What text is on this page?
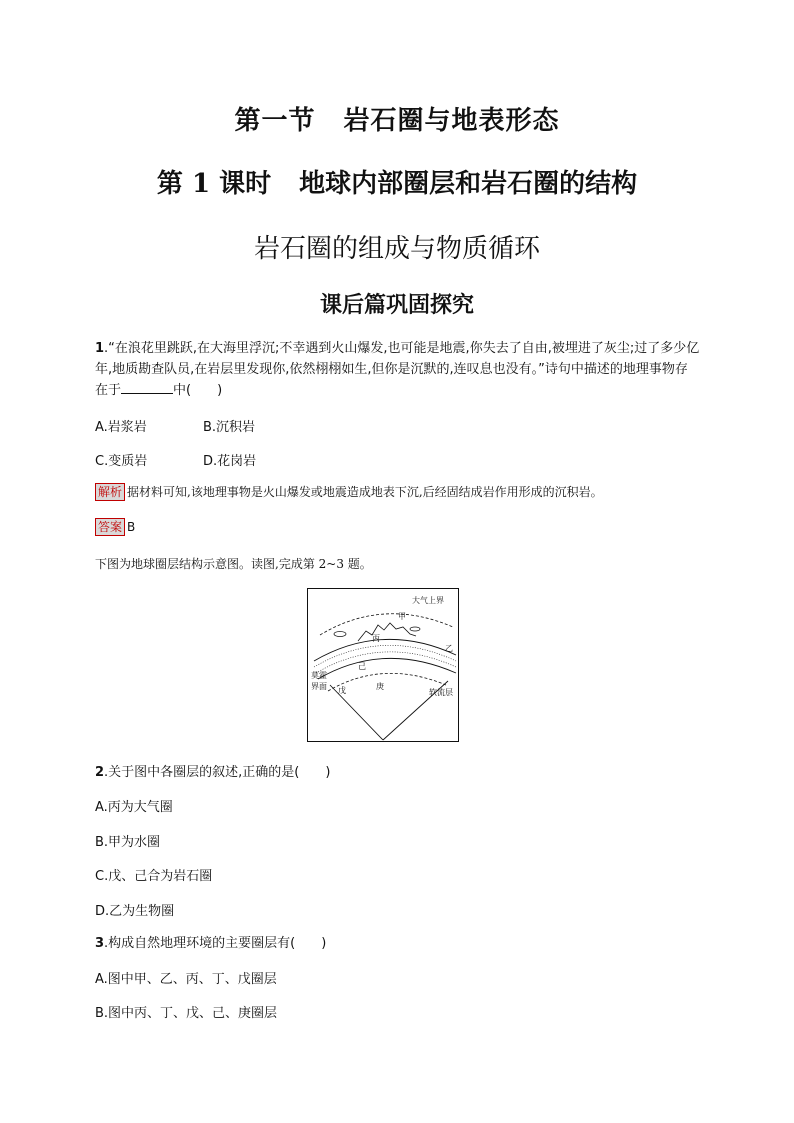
第一节 岩石圈与地表形态
第 1 课时 地球内部圈层和岩石圈的结构
岩石圈的组成与物质循环
课后篇巩固探究
1.“在浪花里跳跃,在大海里浮沉;不幸遇到火山爆发,也可能是地震,你失去了自由,被埋进了灰尘;过了多少亿年,地质勘查队员,在岩层里发现你,依然栩栩如生,但你是沉默的,连叹息也没有。”诗句中描述的地理事物存在于	中(　　)
A.岩浆岩	B.沉积岩
C.变质岩	D.花岗岩
解析 据材料可知,该地理事物是火山爆发或地震造成地表下沉,后经固结成岩作用形成的沉积岩。
答案 B
下图为地球圈层结构示意图。读图,完成第 2~3 题。
大气上界
甲
丙
乙
己
戊	庚
莫霍
界面
软流层
2.关于图中各圈层的叙述,正确的是(　　)
A.丙为大气圈
B.甲为水圈
C.戊、己合为岩石圈
D.乙为生物圈
3.构成自然地理环境的主要圈层有(　　)
A.图中甲、乙、丙、丁、戊圈层
B.图中丙、丁、戊、己、庚圈层
